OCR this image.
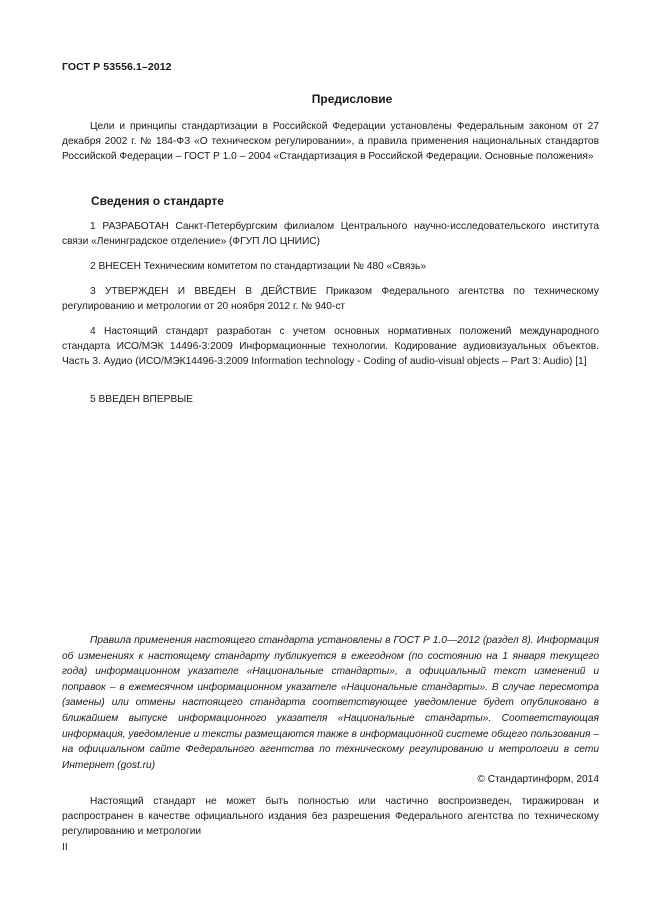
ГОСТ Р 53556.1–2012
Предисловие
Цели и принципы стандартизации в Российской Федерации установлены Федеральным законом от 27 декабря 2002 г. № 184-ФЗ «О техническом регулировании», а правила применения национальных стандартов Российской Федерации – ГОСТ Р 1.0 – 2004 «Стандартизация в Российской Федерации. Основные положения»
Сведения о стандарте
1 РАЗРАБОТАН Санкт-Петербургским филиалом Центрального научно-исследовательского института связи «Ленинградское отделение» (ФГУП ЛО ЦНИИС)
2 ВНЕСЕН Техническим комитетом по стандартизации № 480 «Связь»
3 УТВЕРЖДЕН И ВВЕДЕН В ДЕЙСТВИЕ Приказом Федерального агентства по техническому регулированию и метрологии от 20 ноября 2012 г. № 940-ст
4 Настоящий стандарт разработан с учетом основных нормативных положений международного стандарта ИСО/МЭК 14496-3:2009 Информационные технологии. Кодирование аудиовизуальных объектов. Часть 3. Аудио (ИСО/МЭК14496-3:2009 Information technology - Coding of audio-visual objects – Part 3: Audio) [1]
5 ВВЕДЕН ВПЕРВЫЕ
Правила применения настоящего стандарта установлены в ГОСТ Р 1.0—2012 (раздел 8). Информация об изменениях к настоящему стандарту публикуется в ежегодном (по состоянию на 1 января текущего года) информационном указателе «Национальные стандарты», а официальный текст изменений и поправок – в ежемесячном информационном указателе «Национальные стандарты». В случае пересмотра (замены) или отмены настоящего стандарта соответствующее уведомление будет опубликовано в ближайшем выпуске информационного указателя «Национальные стандарты». Соответствующая информация, уведомление и тексты размещаются также в информационной системе общего пользования – на официальном сайте Федерального агентства по техническому регулированию и метрологии в сети Интернет (gost.ru)
© Стандартинформ, 2014
Настоящий стандарт не может быть полностью или частично воспроизведен, тиражирован и распространен в качестве официального издания без разрешения Федерального агентства по техническому регулированию и метрологии
II
